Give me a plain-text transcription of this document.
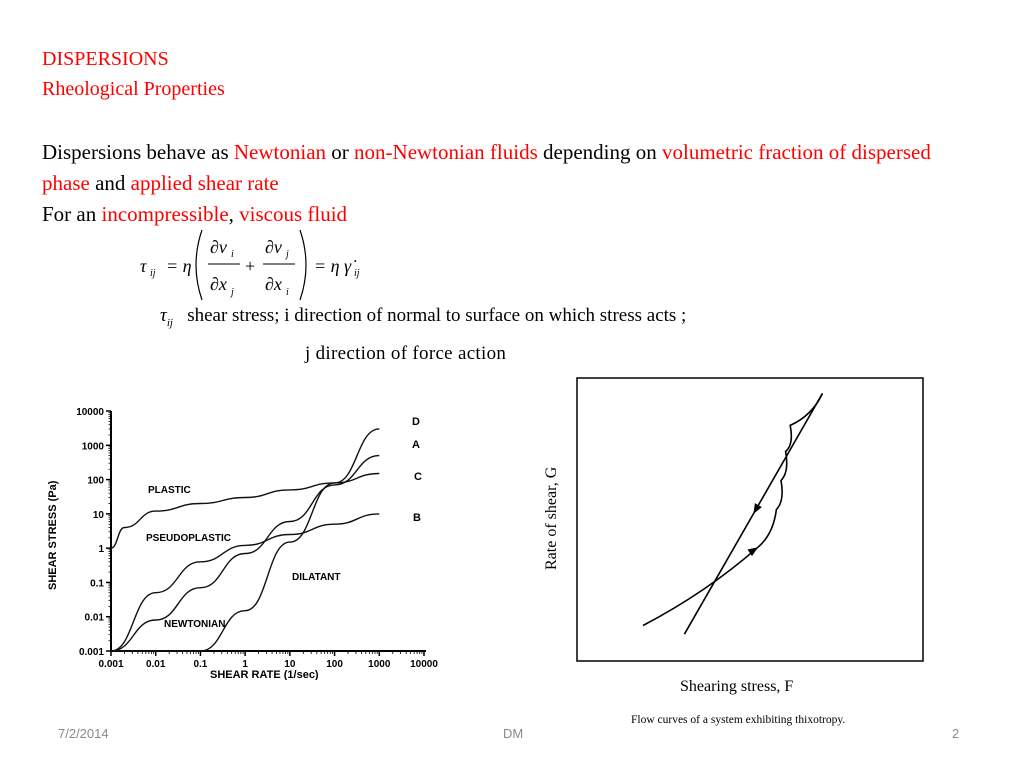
DISPERSIONS
Rheological Properties
Dispersions behave as Newtonian or non-Newtonian fluids depending on volumetric fraction of dispersed phase and applied shear rate
For an incompressible, viscous fluid
τ ij = η
∂v i
∂x j
+
∂v j
∂x i
= η γ̇ ij
$\tau_{ij}$ shear stress; i direction of normal to surface on which stress acts ;
j direction of force action
10000
1000
100
10
1
0.1
0.01
0.001
0.001 0.01	0.1	1	10	100	1000 10000
SHEAR STRESS (Pa)
SHEAR RATE (1/sec)
PLASTIC
PSEUDOPLASTIC
DILATANT
NEWTONIAN
D
A
C
B	Rate of shear, G
Shearing stress, F
Flow curves of a system exhibiting thixotropy.
7/2/2014	DM	2
